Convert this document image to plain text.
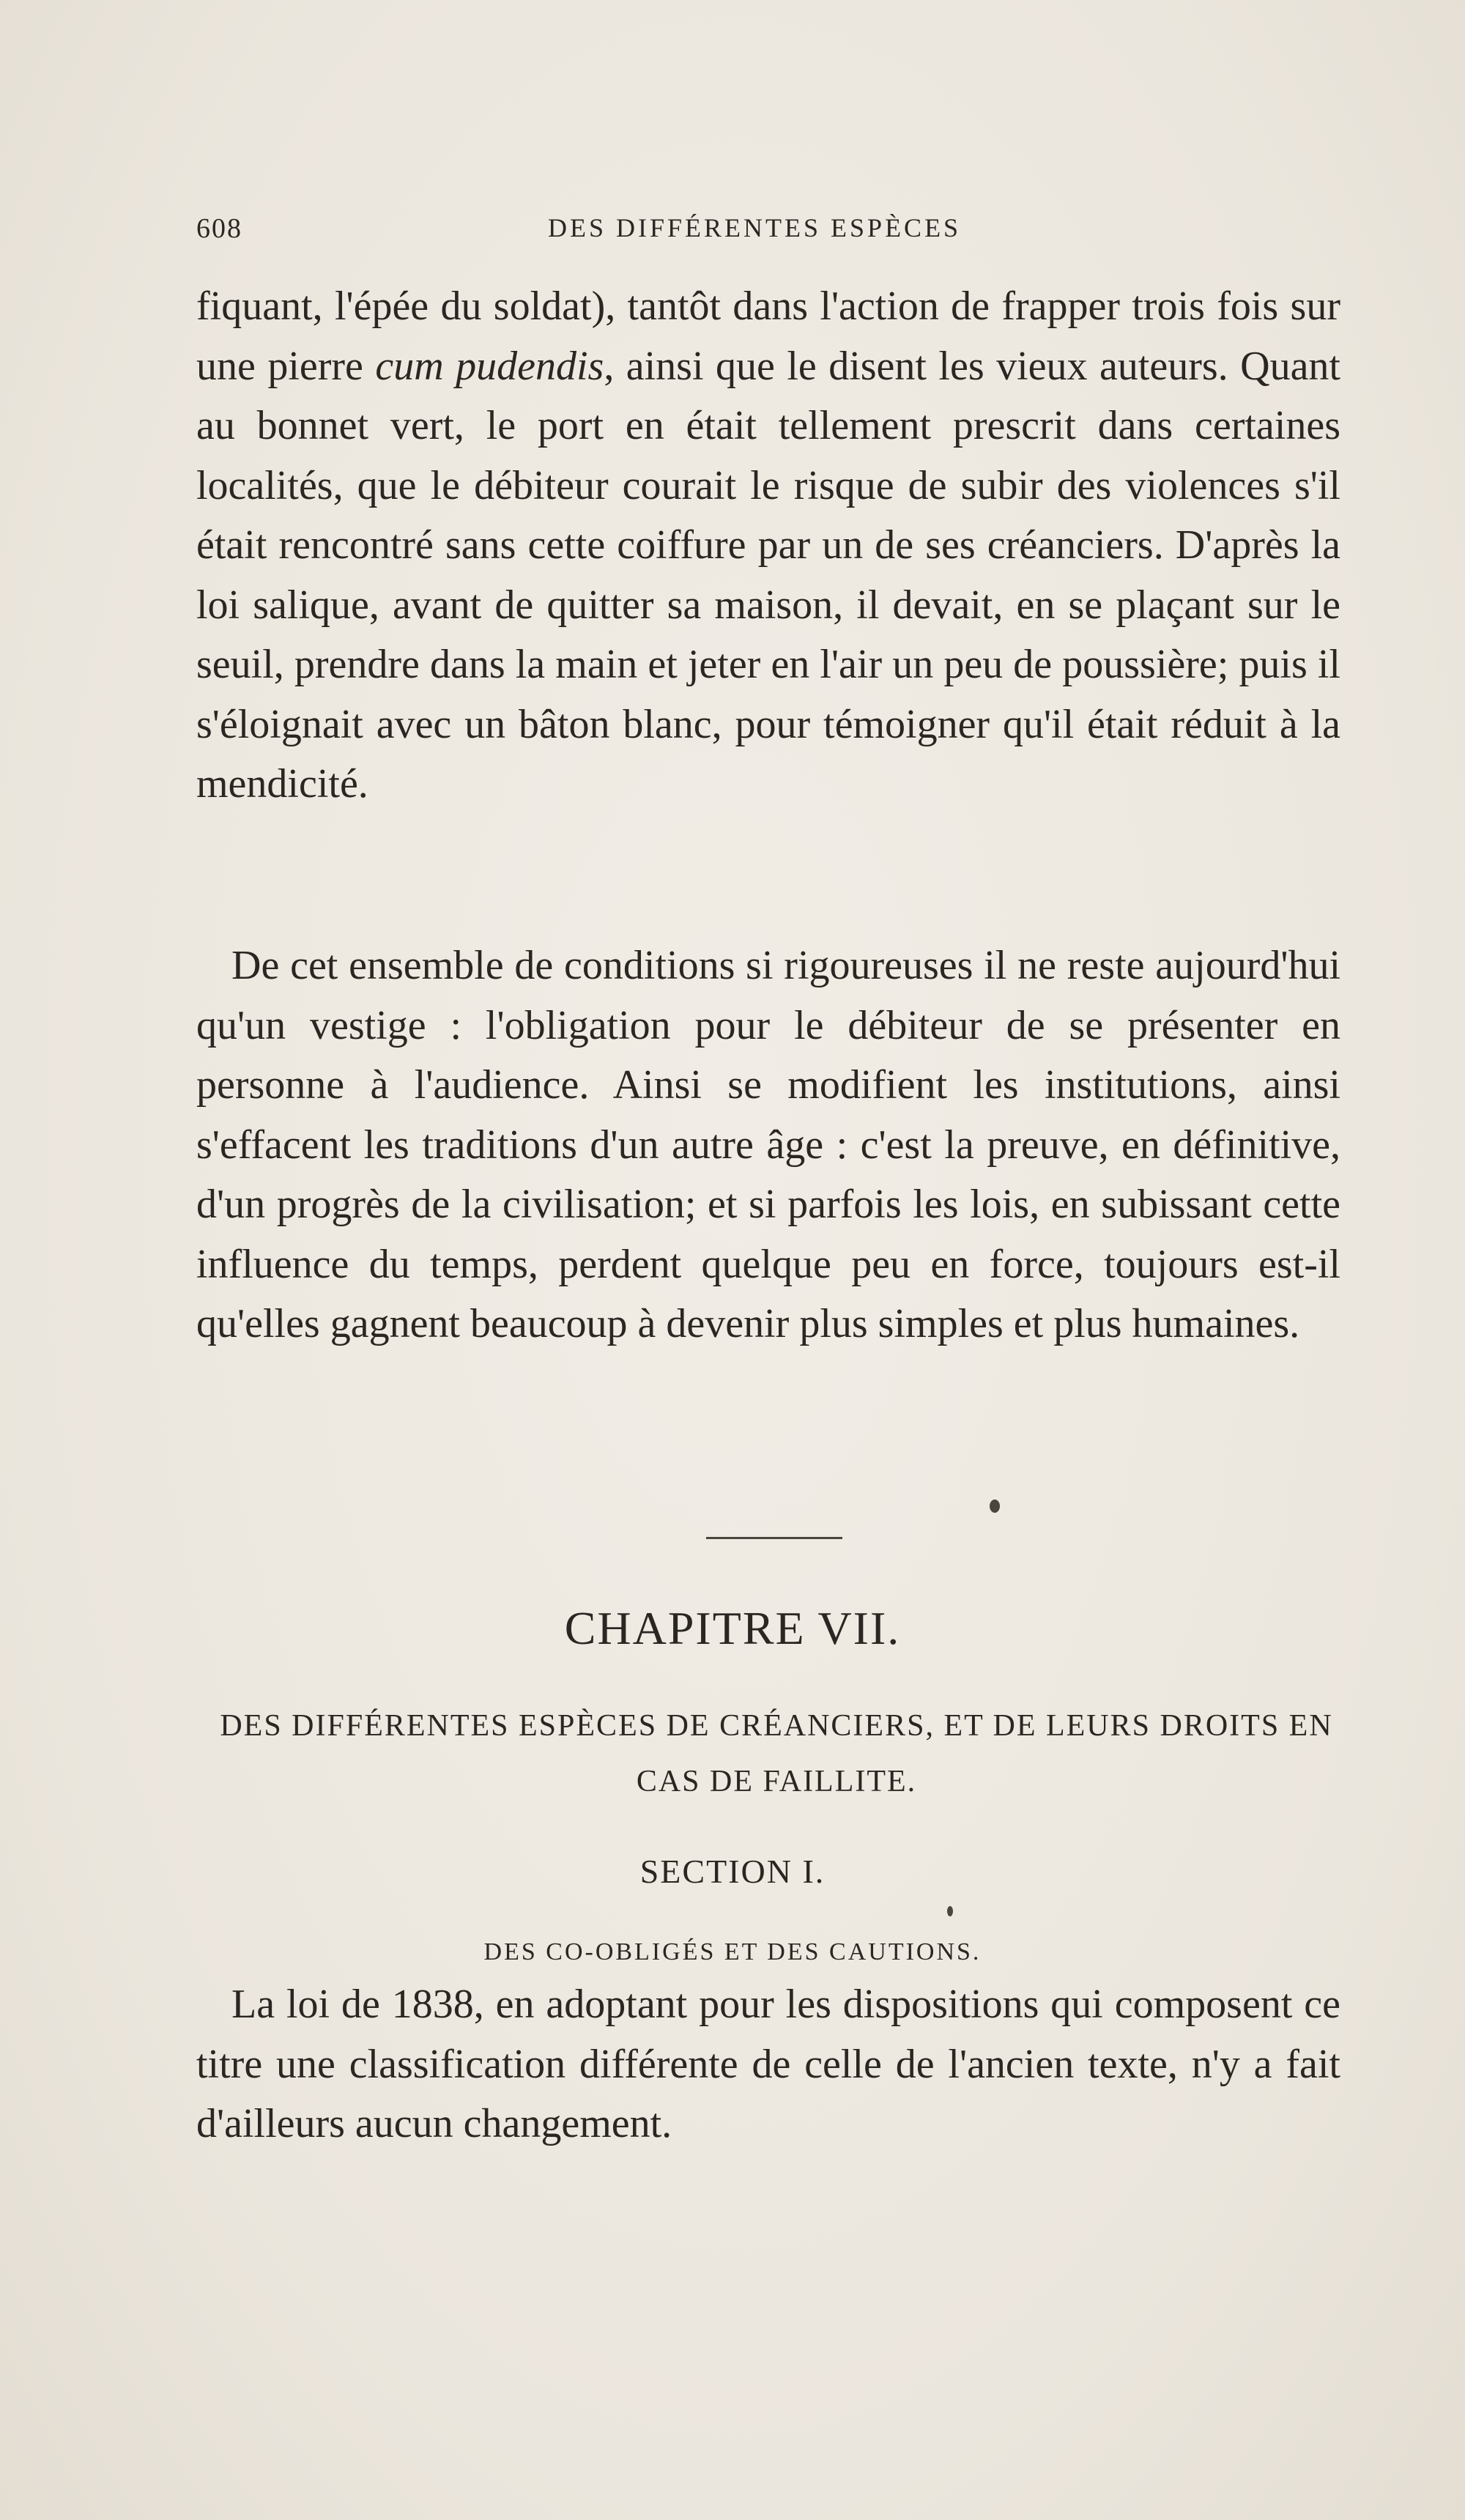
608	DES DIFFÉRENTES ESPÈCES

fiquant, l'épée du soldat), tantôt dans l'action de frapper trois fois sur une pierre cum pudendis, ainsi que le disent les vieux auteurs. Quant au bonnet vert, le port en était tellement prescrit dans certaines localités, que le débiteur courait le risque de subir des violences s'il était rencontré sans cette coiffure par un de ses créanciers. D'après la loi salique, avant de quitter sa maison, il devait, en se plaçant sur le seuil, prendre dans la main et jeter en l'air un peu de poussière; puis il s'éloignait avec un bâton blanc, pour témoigner qu'il était réduit à la mendicité.

De cet ensemble de conditions si rigoureuses il ne reste aujourd'hui qu'un vestige : l'obligation pour le débiteur de se présenter en personne à l'audience. Ainsi se modifient les institutions, ainsi s'effacent les traditions d'un autre âge : c'est la preuve, en définitive, d'un progrès de la civilisation; et si parfois les lois, en subissant cette influence du temps, perdent quelque peu en force, toujours est-il qu'elles gagnent beaucoup à devenir plus simples et plus humaines.

CHAPITRE VII.
DES DIFFÉRENTES ESPÈCES DE CRÉANCIERS, ET DE LEURS DROITS EN CAS DE FAILLITE.
SECTION I.
DES CO-OBLIGÉS ET DES CAUTIONS.

La loi de 1838, en adoptant pour les dispositions qui composent ce titre une classification différente de celle de l'ancien texte, n'y a fait d'ailleurs aucun changement.
